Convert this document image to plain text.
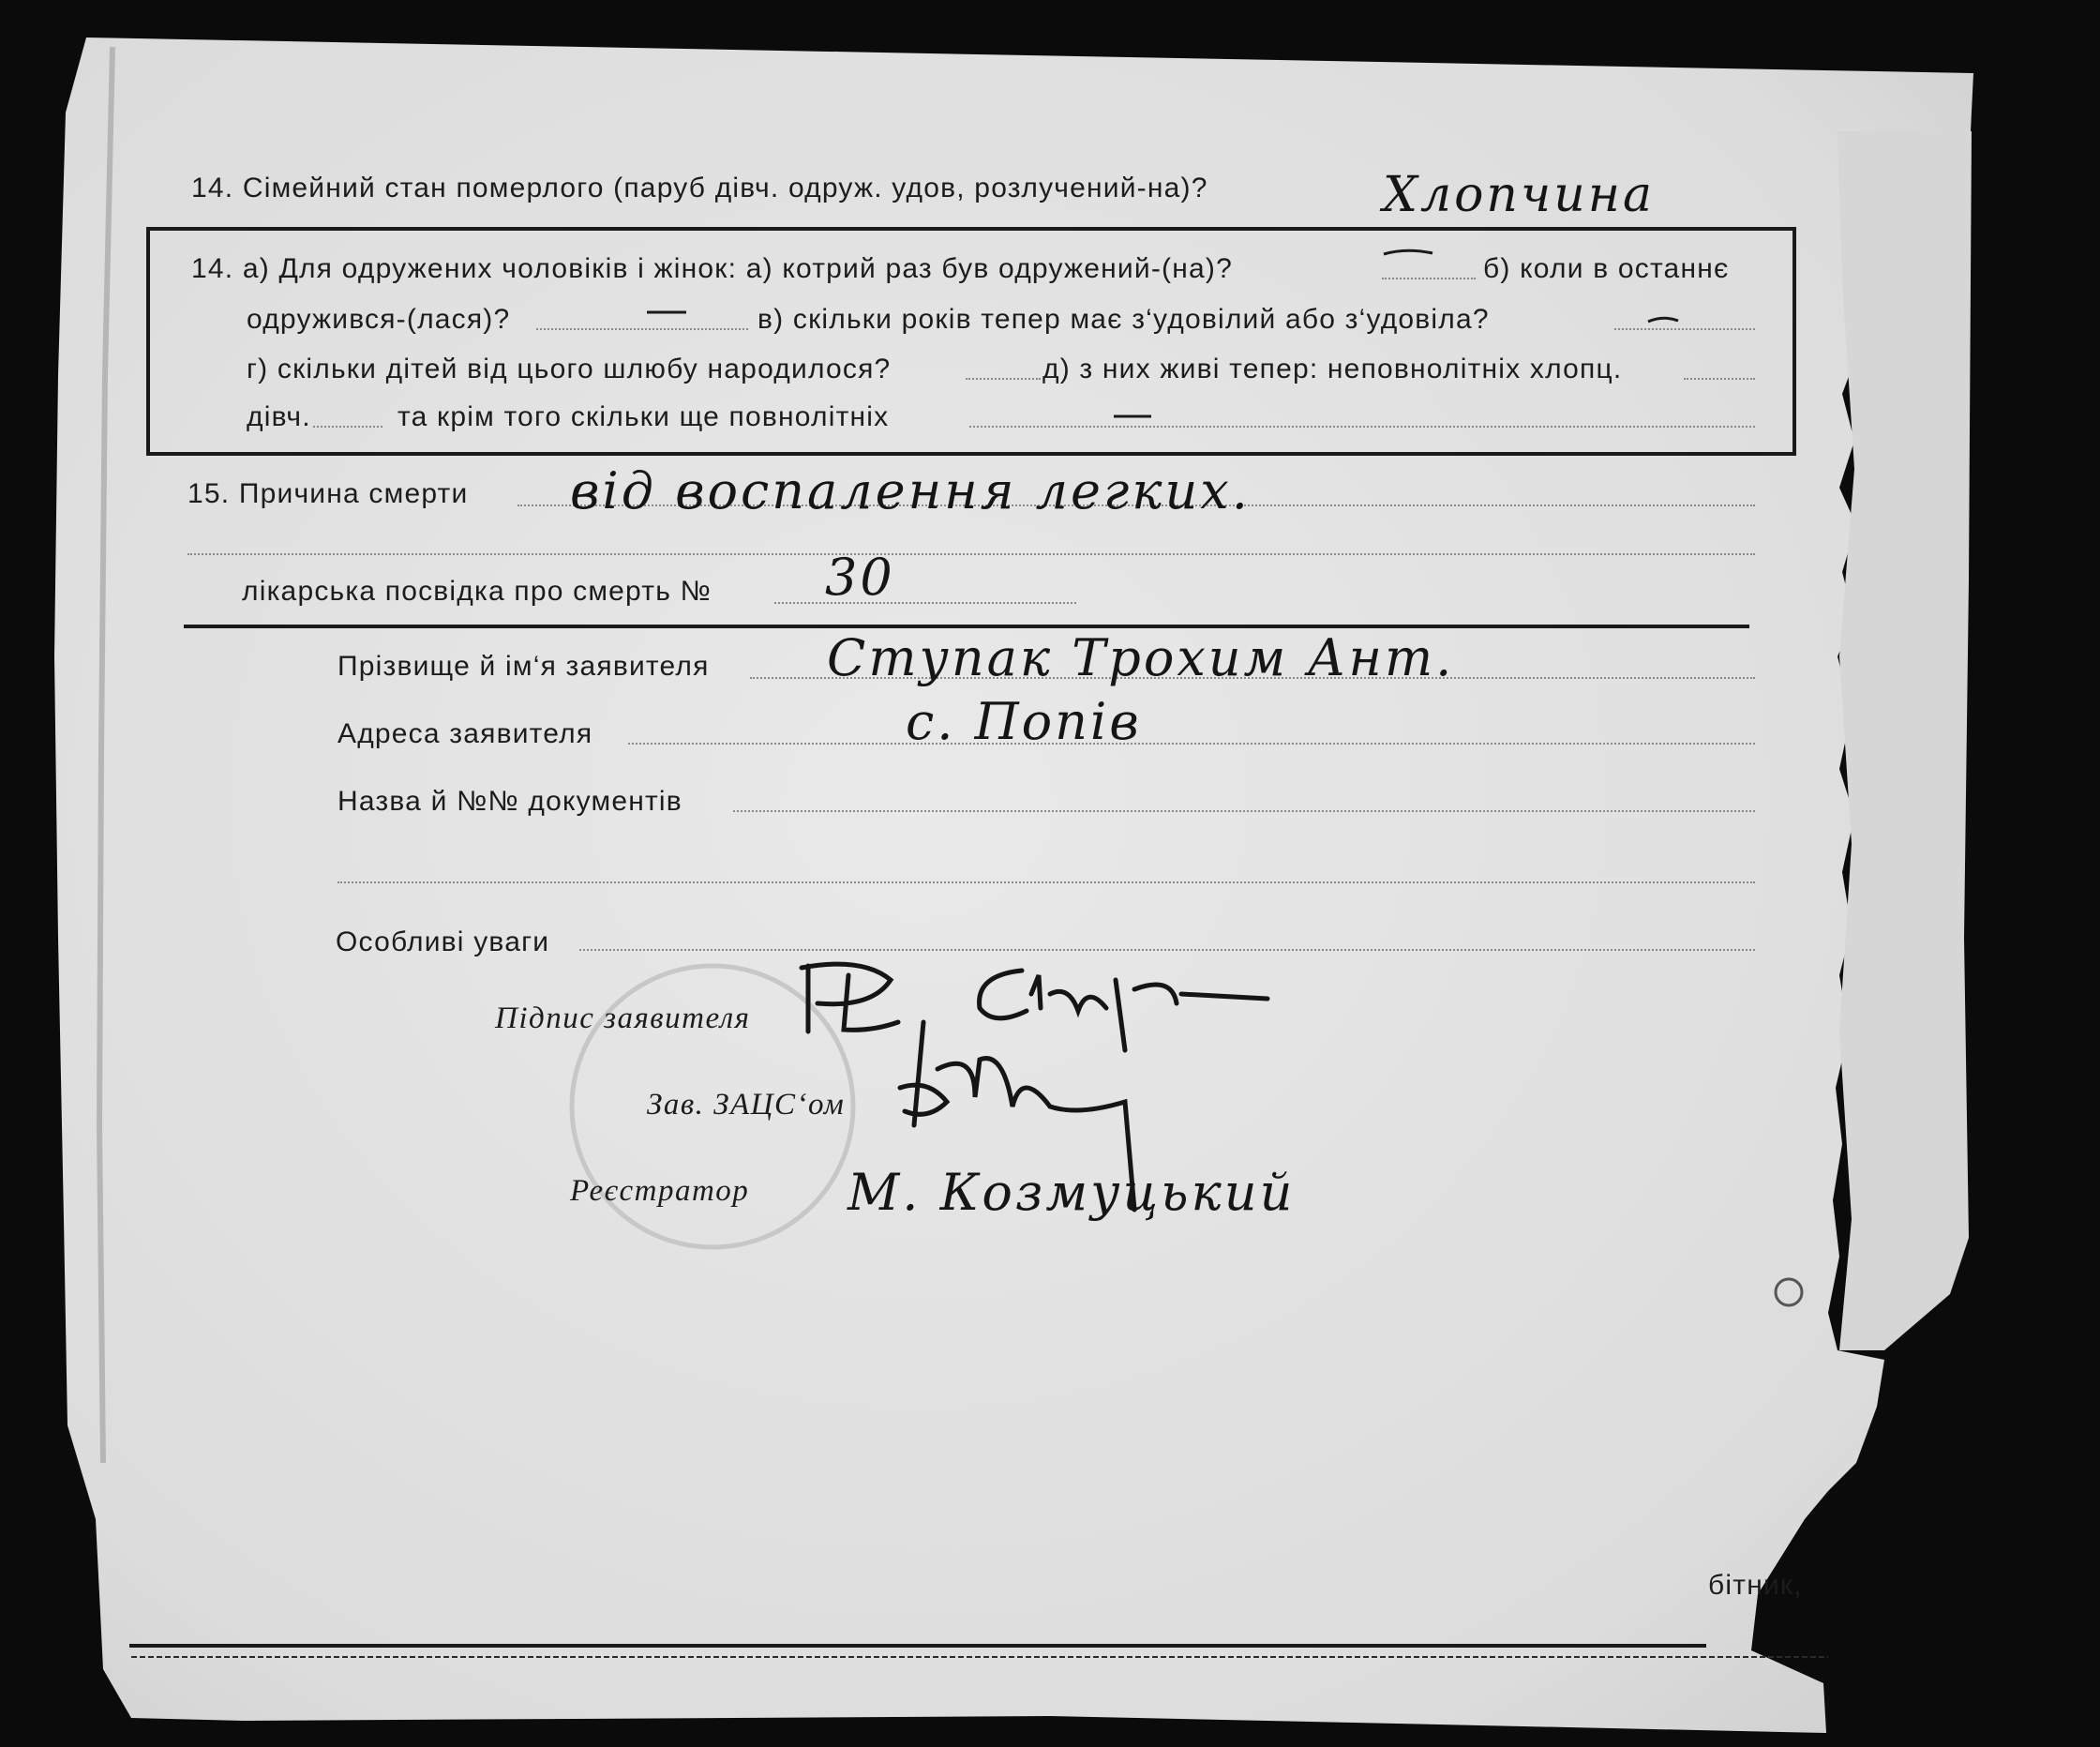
14. Сімейний стан померлого (паруб дівч. одруж. удов, розлучений-на)?	Хлопчина
14. а) Для одружених чоловіків і жінок: а) котрий раз був одружений-(на)?	б) коли в останнє
одружився-(лася)?	в) скільки років тепер має з‘удовілий або з‘удовіла?
г) скільки дітей від цього шлюбу народилося?	д) з них живі тепер: неповнолітніх хлопц.
дівч.	та крім того скільки ще повнолітніх
15. Причина смерти від воспалення легких.
лікарська посвідка про смерть № 30
Прізвище й ім‘я заявителя Ступак Трохим Ант.
Адреса заявителя	с. Попів
Назва й №№ документів
Особливі уваги
Підпис заявителя
Зав. ЗАЦС‘ом
Реєстратор М. Козмуцький
бітник,
